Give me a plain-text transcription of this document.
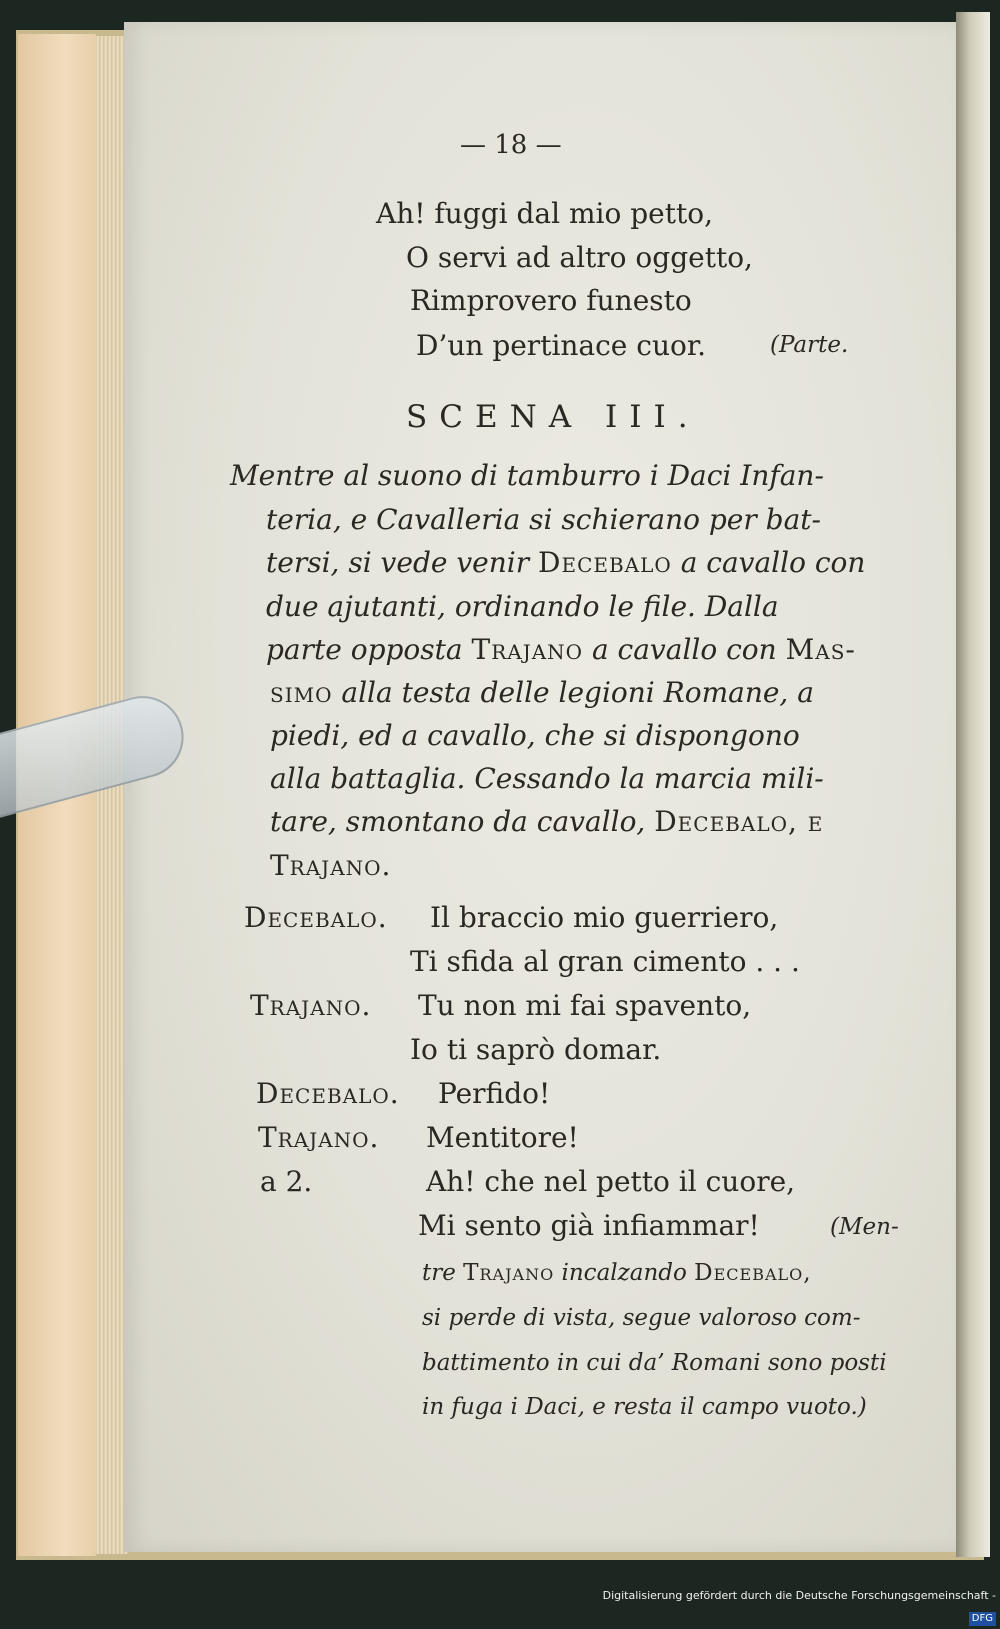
— 18 —
Ah! fuggi dal mio petto,
O servi ad altro oggetto,
Rimprovero funesto
D’un pertinace cuor.	(Parte.
SCENA III.
Mentre al suono di tamburro i Daci Infan-
teria, e Cavalleria si schierano per bat-
tersi, si vede venir Decebalo a cavallo con
due ajutanti, ordinando le file. Dalla
parte opposta Trajano a cavallo con Mas-
simo alla testa delle legioni Romane, a
piedi, ed a cavallo, che si dispongono
alla battaglia. Cessando la marcia mili-
tare, smontano da cavallo, Decebalo, e
Trajano.
Decebalo. Il braccio mio guerriero,
Ti sfida al gran cimento . . .
Trajano. Tu non mi fai spavento,
Io ti saprò domar.
Decebalo. Perfido!
Trajano. Mentitore!
a 2.	Ah! che nel petto il cuore,
Mi sento già infiammar!	(Men-
tre Trajano incalzando Decebalo,
si perde di vista, segue valoroso com-
battimento in cui da’ Romani sono posti
in fuga i Daci, e resta il campo vuoto.)
Digitalisierung gefördert durch die Deutsche Forschungsgemeinschaft -DFG
